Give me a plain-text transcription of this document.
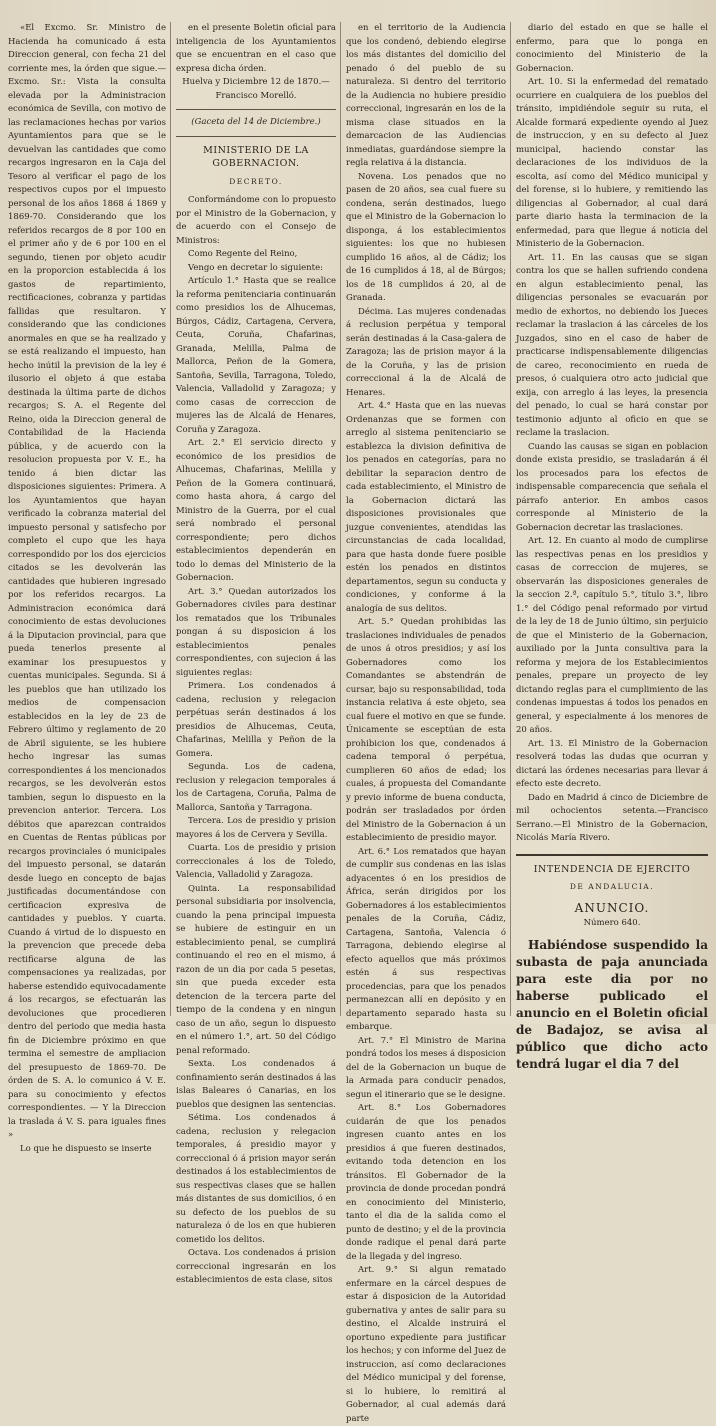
«El Excmo. Sr. Ministro de Hacienda ha comunicado á esta Direccion general, con fecha 21 del corriente mes, la órden que sigue.—Excmo. Sr.: Vista la consulta elevada por la Administracion económica de Sevilla, con motivo de las reclamaciones hechas por varios Ayuntamientos para que se le devuelvan las cantidades que como recargos ingresaron en la Caja del Tesoro al verificar el pago de los respectivos cupos por el impuesto personal de los años 1868 á 1869 y 1869-70. Considerando que los referidos recargos de 8 por 100 en el primer año y de 6 por 100 en el segundo, tienen por objeto acudir en la proporcion establecida á los gastos de repartimiento, rectificaciones, cobranza y partidas fallidas que resultaron. Y considerando que las condiciones anormales en que se ha realizado y se está realizando el impuesto, han hecho inútil la prevision de la ley é ilusorio el objeto á que estaba destinada la última parte de dichos recargos; S. A. el Regente del Reino, oida la Direccion general de Contabilidad de la Hacienda pública, y de acuerdo con la resolucion propuesta por V. E., ha tenido á bien dictar las disposiciones siguientes: Primera. A los Ayuntamientos que hayan verificado la cobranza material del impuesto personal y satisfecho por completo el cupo que les haya correspondido por los dos ejercicios citados se les devolverán las cantidades que hubieren ingresado por los referidos recargos. La Administracion económica dará conocimiento de estas devoluciones á la Diputacion provincial, para que pueda tenerlos presente al examinar los presupuestos y cuentas municipales. Segunda. Si á les pueblos que han utilizado los medios de compensacion establecidos en la ley de 23 de Febrero último y reglamento de 20 de Abril siguiente, se les hubiere hecho ingresar las sumas correspondientes á los mencionados recargos, se les devolverán estos tambien, segun lo dispuesto en la prevencion anterior. Tercera. Los débitos que aparezcan contraidos en Cuentas de Rentas públicas por recargos provinciales ó municipales del impuesto personal, se datarán desde luego en concepto de bajas justificadas documentándose con certificacion expresiva de cantidades y pueblos. Y cuarta. Cuando á virtud de lo dispuesto en la prevencion que precede deba rectificarse alguna de las compensaciones ya realizadas, por haberse estendido equivocadamente á los recargos, se efectuarán las devoluciones que procedieren dentro del periodo que media hasta fin de Diciembre próximo en que termina el semestre de ampliacion del presupuesto de 1869-70. De órden de S. A. lo comunico á V. E. para su conocimiento y efectos correspondientes. — Y la Direccion la traslada á V. S. para iguales fines »

Lo que he dispuesto se inserte

en el presente Boletin oficial para inteligencia de los Ayuntamientos que se encuentran en el caso que expresa dicha órden.

Huelva y Diciembre 12 de 1870.—Francisco Morelló.

(Gaceta del 14 de Diciembre.)

MINISTERIO DE LA GOBERNACION.

DECRETO.

Conformándome con lo propuesto por el Ministro de la Gobernacion, y de acuerdo con el Consejo de Ministros:

Como Regente del Reino,

Vengo en decretar lo siguiente:

Artículo 1.° Hasta que se realice la reforma penitenciaria continuarán como presidios los de Alhucemas, Búrgos, Cádiz, Cartagena, Cervera, Ceuta, Coruña, Chafarinas, Granada, Melilla, Palma de Mallorca, Peñon de la Gomera, Santoña, Sevilla, Tarragona, Toledo, Valencia, Valladolid y Zaragoza; y como casas de correccion de mujeres las de Alcalá de Henares, Coruña y Zaragoza.

Art. 2.° El servicio directo y económico de los presidios de Alhucemas, Chafarinas, Melilla y Peñon de la Gomera continuará, como hasta ahora, á cargo del Ministro de la Guerra, por el cual será nombrado el personal correspondiente; pero dichos establecimientos dependerán en todo lo demas del Ministerio de la Gobernacion.

Art. 3.° Quedan autorizados los Gobernadores civiles para destinar los rematados que los Tribunales pongan á su disposicion á los establecimientos penales correspondientes, con sujecion á las siguientes reglas:

Primera. Los condenados á cadena, reclusion y relegacion perpétuas serán destinados á los presidios de Alhucemas, Ceuta, Chafarinas, Melilla y Peñon de la Gomera.

Segunda. Los de cadena, reclusion y relegacion temporales á los de Cartagena, Coruña, Palma de Mallorca, Santoña y Tarragona.

Tercera. Los de presidio y prision mayores á los de Cervera y Sevilla.

Cuarta. Los de presidio y prision correccionales á los de Toledo, Valencia, Valladolid y Zaragoza.

Quinta. La responsabilidad personal subsidiaria por insolvencia, cuando la pena principal impuesta se hubiere de estinguir en un establecimiento penal, se cumplirá continuando el reo en el mismo, á razon de un dia por cada 5 pesetas, sin que pueda exceder esta detencion de la tercera parte del tiempo de la condena y en ningun caso de un año, segun lo dispuesto en el número 1.°, art. 50 del Código penal reformado.

Sexta. Los condenados á confinamiento serán destinados á las islas Baleares ó Canarias, en los pueblos que designen las sentencias.

Sétima. Los condenados á cadena, reclusion y relegacion temporales, á presidio mayor y correccional ó á prision mayor serán destinados á los establecimientos de sus respectivas clases que se hallen más distantes de sus domicilios, ó en su defecto de los pueblos de su naturaleza ó de los en que hubieren cometido los delitos.

Octava. Los condenados á prision correccional ingresarán en los establecimientos de esta clase, sitos

en el territorio de la Audiencia que los condenó, debiendo elegirse los más distantes del domicilio del penado ó del pueblo de su naturaleza. Si dentro del territorio de la Audiencia no hubiere presidio correccional, ingresarán en los de la misma clase situados en la demarcacion de las Audiencias inmediatas, guardándose siempre la regla relativa á la distancia.

Novena. Los penados que no pasen de 20 años, sea cual fuere su condena, serán destinados, luego que el Ministro de la Gobernacion lo disponga, á los establecimientos siguientes: los que no hubiesen cumplido 16 años, al de Cádiz; los de 16 cumplidos á 18, al de Búrgos; los de 18 cumplidos á 20, al de Granada.

Décima. Las mujeres condenadas á reclusion perpétua y temporal serán destinadas á la Casa-galera de Zaragoza; las de prision mayor á la de la Coruña, y las de prision correccional á la de Alcalá de Henares.

Art. 4.° Hasta que en las nuevas Ordenanzas que se formen con arreglo al sistema penitenciario se establezca la division definitiva de los penados en categorías, para no debilitar la separacion dentro de cada establecimiento, el Ministro de la Gobernacion dictará las disposiciones provisionales que juzgue convenientes, atendidas las circunstancias de cada localidad, para que hasta donde fuere posible estén los penados en distintos departamentos, segun su conducta y condiciones, y conforme á la analogía de sus delitos.

Art. 5.° Quedan prohibidas las traslaciones individuales de penados de unos á otros presidios; y así los Gobernadores como los Comandantes se abstendrán de cursar, bajo su responsabilidad, toda instancia relativa á este objeto, sea cual fuere el motivo en que se funde. Únicamente se esceptúan de esta prohibicion los que, condenados á cadena temporal ó perpétua, cumplieren 60 años de edad; los cuales, á propuesta del Comandante y previo informe de buena conducta, podrán ser trasladados por órden del Ministro de la Gobernacion á un establecimiento de presidio mayor.

Art. 6.° Los rematados que hayan de cumplir sus condenas en las islas adyacentes ó en los presidios de África, serán dirigidos por los Gobernadores á los establecimientos penales de la Coruña, Cádiz, Cartagena, Santoña, Valencia ó Tarragona, debiendo elegirse al efecto aquellos que más próximos estén á sus respectivas procedencias, para que los penados permanezcan allí en depósito y en departamento separado hasta su embarque.

Art. 7.° El Ministro de Marina pondrá todos los meses á disposicion del de la Gobernacion un buque de la Armada para conducir penados, segun el itinerario que se le designe.

Art. 8.° Los Gobernadores cuidarán de que los penados ingresen cuanto antes en los presidios á que fueren destinados, evitando toda detencion en los tránsitos. El Gobernador de la provincia de donde procedan pondrá en conocimiento del Ministerio, tanto el dia de la salida como el punto de destino; y el de la provincia donde radique el penal dará parte de la llegada y del ingreso.

Art. 9.° Si algun rematado enfermare en la cárcel despues de estar á disposicion de la Autoridad gubernativa y antes de salir para su destino, el Alcalde instruirá el oportuno expediente para justificar los hechos; y con informe del Juez de instruccion, así como declaraciones del Médico municipal y del forense, si lo hubiere, lo remitirá al Gobernador, al cual además dará parte

diario del estado en que se halle el enfermo, para que lo ponga en conocimiento del Ministerio de la Gobernacion.

Art. 10. Si la enfermedad del rematado ocurriere en cualquiera de los pueblos del tránsito, impidiéndole seguir su ruta, el Alcalde formará expediente oyendo al Juez de instruccion, y en su defecto al Juez municipal, haciendo constar las declaraciones de los individuos de la escolta, así como del Médico municipal y del forense, si lo hubiere, y remitiendo las diligencias al Gobernador, al cual dará parte diario hasta la terminacion de la enfermedad, para que llegue á noticia del Ministerio de la Gobernacion.

Art. 11. En las causas que se sigan contra los que se hallen sufriendo condena en algun establecimiento penal, las diligencias personales se evacuarán por medio de exhortos, no debiendo los Jueces reclamar la traslacion á las cárceles de los Juzgados, sino en el caso de haber de practicarse indispensablemente diligencias de careo, reconocimiento en rueda de presos, ó cualquiera otro acto judicial que exija, con arreglo á las leyes, la presencia del penado, lo cual se hará constar por testimonio adjunto al oficio en que se reclame la traslacion.

Cuando las causas se sigan en poblacion donde exista presidio, se trasladarán á él los procesados para los efectos de indispensable comparecencia que señala el párrafo anterior. En ambos casos corresponde al Ministerio de la Gobernacion decretar las traslaciones.

Art. 12. En cuanto al modo de cumplirse las respectivas penas en los presidios y casas de correccion de mujeres, se observarán las disposiciones generales de la seccion 2.ª, capítulo 5.°, título 3.°, libro 1.° del Código penal reformado por virtud de la ley de 18 de Junio último, sin perjuicio de que el Ministerio de la Gobernacion, auxiliado por la Junta consultiva para la reforma y mejora de los Establecimientos penales, prepare un proyecto de ley dictando reglas para el cumplimiento de las condenas impuestas á todos los penados en general, y especialmente á los menores de 20 años.

Art. 13. El Ministro de la Gobernacion resolverá todas las dudas que ocurran y dictará las órdenes necesarias para llevar á efecto este decreto.

Dado en Madrid á cinco de Diciembre de mil ochocientos setenta.—Francisco Serrano.—El Ministro de la Gobernacion, Nicolás María Rivero.

INTENDENCIA DE EJERCITO

DE ANDALUCIA.

ANUNCIO.

Número 640.

Habiéndose suspendido la subasta de paja anunciada para este dia por no haberse publicado el anuncio en el Boletin oficial de Badajoz, se avisa al público que dicho acto tendrá lugar el dia 7 del
